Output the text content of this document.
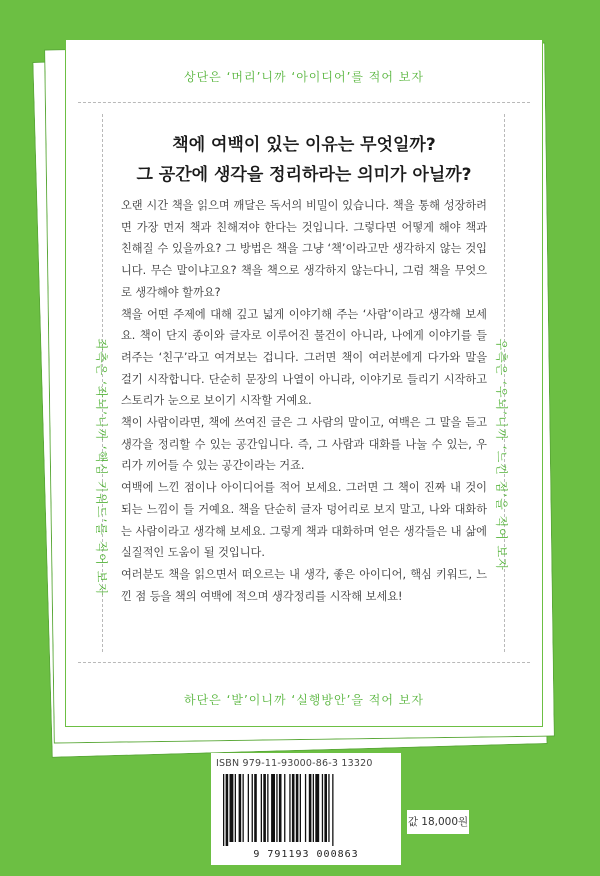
상단은 ‘머리’니까 ‘아이디어’를 적어 보자
좌측은 ‘좌뇌’니까 ‘핵심 키워드’를 적어 보자	우측은 ‘우뇌’니까 ‘느낀 점’을 적어 보자
하단은 ‘발’이니까 ‘실행방안’을 적어 보자
책에 여백이 있는 이유는 무엇일까?
그 공간에 생각을 정리하라는 의미가 아닐까?

오랜 시간 책을 읽으며 깨달은 독서의 비밀이 있습니다. 책을 통해 성장하려면 가장 먼저 책과 친해져야 한다는 것입니다. 그렇다면 어떻게 해야 책과 친해질 수 있을까요? 그 방법은 책을 그냥 ‘책’이라고만 생각하지 않는 것입니다. 무슨 말이냐고요? 책을 책으로 생각하지 않는다니, 그럼 책을 무엇으로 생각해야 할까요?

책을 어떤 주제에 대해 깊고 넓게 이야기해 주는 ‘사람’이라고 생각해 보세요. 책이 단지 종이와 글자로 이루어진 물건이 아니라, 나에게 이야기를 들려주는 ‘친구’라고 여겨보는 겁니다. 그러면 책이 여러분에게 다가와 말을 걸기 시작합니다. 단순히 문장의 나열이 아니라, 이야기로 들리기 시작하고 스토리가 눈으로 보이기 시작할 거예요.

책이 사람이라면, 책에 쓰여진 글은 그 사람의 말이고, 여백은 그 말을 듣고 생각을 정리할 수 있는 공간입니다. 즉, 그 사람과 대화를 나눌 수 있는, 우리가 끼어들 수 있는 공간이라는 거죠.

여백에 느낀 점이나 아이디어를 적어 보세요. 그러면 그 책이 진짜 내 것이 되는 느낌이 들 거예요. 책을 단순히 글자 덩어리로 보지 말고, 나와 대화하는 사람이라고 생각해 보세요. 그렇게 책과 대화하며 얻은 생각들은 내 삶에 실질적인 도움이 될 것입니다.

여러분도 책을 읽으면서 떠오르는 내 생각, 좋은 아이디어, 핵심 키워드, 느낀 점 등을 책의 여백에 적으며 생각정리를 시작해 보세요!

ISBN 979-11-93000-86-3 13320
9 791193 000863
값 18,000원
